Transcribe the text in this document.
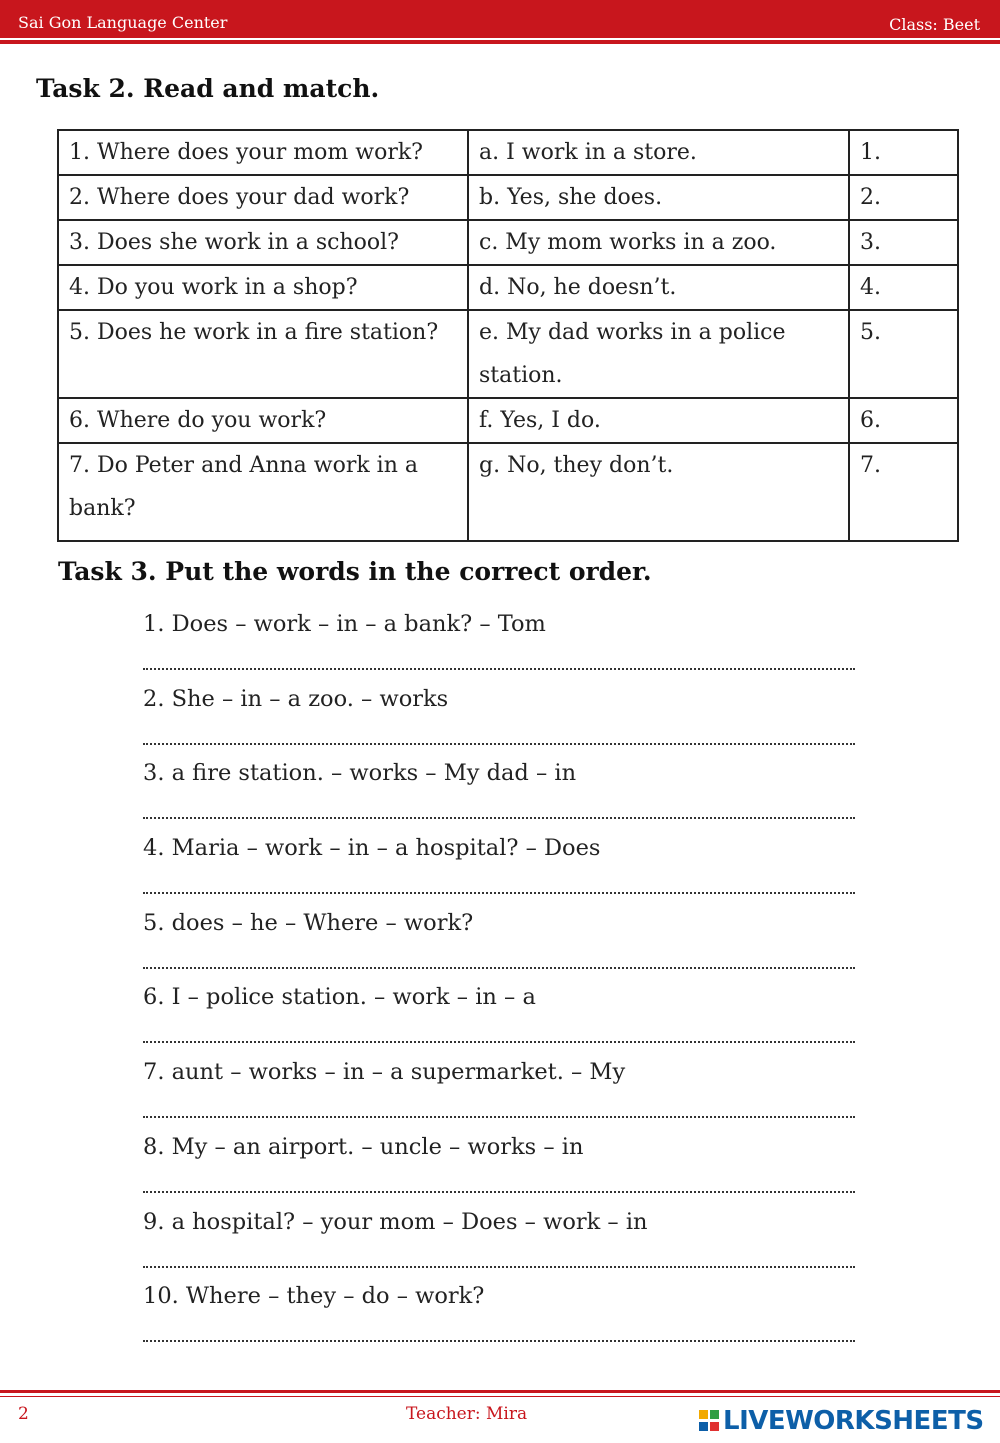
Sai Gon Language Center	Class: Beet
Task 2. Read and match.
1. Where does your mom work?	a. I work in a store.	1.
2. Where does your dad work?	b. Yes, she does.	2.
3. Does she work in a school?	c. My mom works in a zoo.	3.
4. Do you work in a shop?	d. No, he doesn’t.	4.
5. Does he work in a fire station?	e. My dad works in a police station.	5.
6. Where do you work?	f. Yes, I do.	6.
7. Do Peter and Anna work in a bank?	g. No, they don’t.	7.
Task 3. Put the words in the correct order.
1. Does – work – in – a bank? – Tom
2. She – in – a zoo. – works
3. a fire station. – works – My dad – in
4. Maria – work – in – a hospital? – Does
5. does – he – Where – work?
6. I – police station. – work – in – a
7. aunt – works – in – a supermarket. – My
8. My – an airport. – uncle – works – in
9. a hospital? – your mom – Does – work – in
10. Where – they – do – work?
2	Teacher: Mira	LIVEWORKSHEETS
